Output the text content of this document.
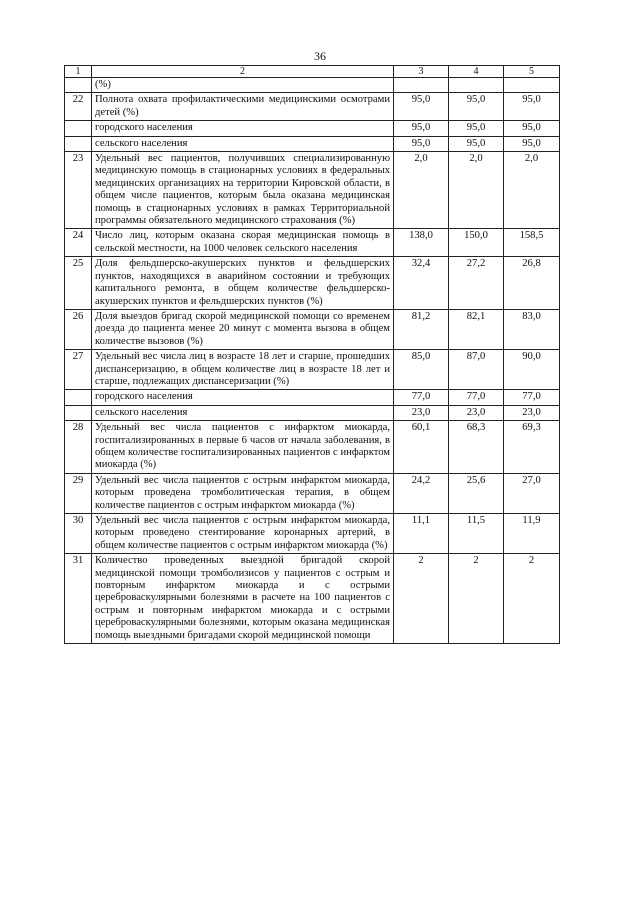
36
1	2	3	4	5
	(%)			
22	Полнота охвата профилактическими медицинскими осмотрами детей (%)	95,0	95,0	95,0
	городского населения	95,0	95,0	95,0
	сельского населения	95,0	95,0	95,0
23	Удельный вес пациентов, получивших специализированную медицинскую помощь в стационарных условиях в федеральных медицинских организациях на территории Кировской области, в общем числе пациентов, которым была оказана медицинская помощь в стационарных условиях в рамках Территориальной программы обязательного медицинского страхования (%)	2,0	2,0	2,0
24	Число лиц, которым оказана скорая медицинская помощь в сельской местности, на 1000 человек сельского населения	138,0	150,0	158,5
25	Доля фельдшерско-акушерских пунктов и фельдшерских пунктов, находящихся в аварийном состоянии и требующих капитального ремонта, в общем количестве фельдшерско-акушерских пунктов и фельдшерских пунктов (%)	32,4	27,2	26,8
26	Доля выездов бригад скорой медицинской помощи со временем доезда до пациента менее 20 минут с момента вызова в общем количестве вызовов (%)	81,2	82,1	83,0
27	Удельный вес числа лиц в возрасте 18 лет и старше, прошедших диспансеризацию, в общем количестве лиц в возрасте 18 лет и старше, подлежащих диспансеризации (%)	85,0	87,0	90,0
	городского населения	77,0	77,0	77,0
	сельского населения	23,0	23,0	23,0
28	Удельный вес числа пациентов с инфарктом миокарда, госпитализированных в первые 6 часов от начала заболевания, в общем количестве госпитализированных пациентов с инфарктом миокарда (%)	60,1	68,3	69,3
29	Удельный вес числа пациентов с острым инфарктом миокарда, которым проведена тромболитическая терапия, в общем количестве пациентов с острым инфарктом миокарда (%)	24,2	25,6	27,0
30	Удельный вес числа пациентов с острым инфарктом миокарда, которым проведено стентирование коронарных артерий, в общем количестве пациентов с острым инфарктом миокарда (%)	11,1	11,5	11,9
31	Количество проведенных выездной бригадой скорой медицинской помощи тромболизисов у пациентов с острым и повторным инфарктом миокарда и с острыми цереброваскулярными болезнями в расчете на 100 пациентов с острым и повторным инфарктом миокарда и с острыми цереброваскулярными болезнями, которым оказана медицинская помощь выездными бригадами скорой медицинской помощи	2	2	2
